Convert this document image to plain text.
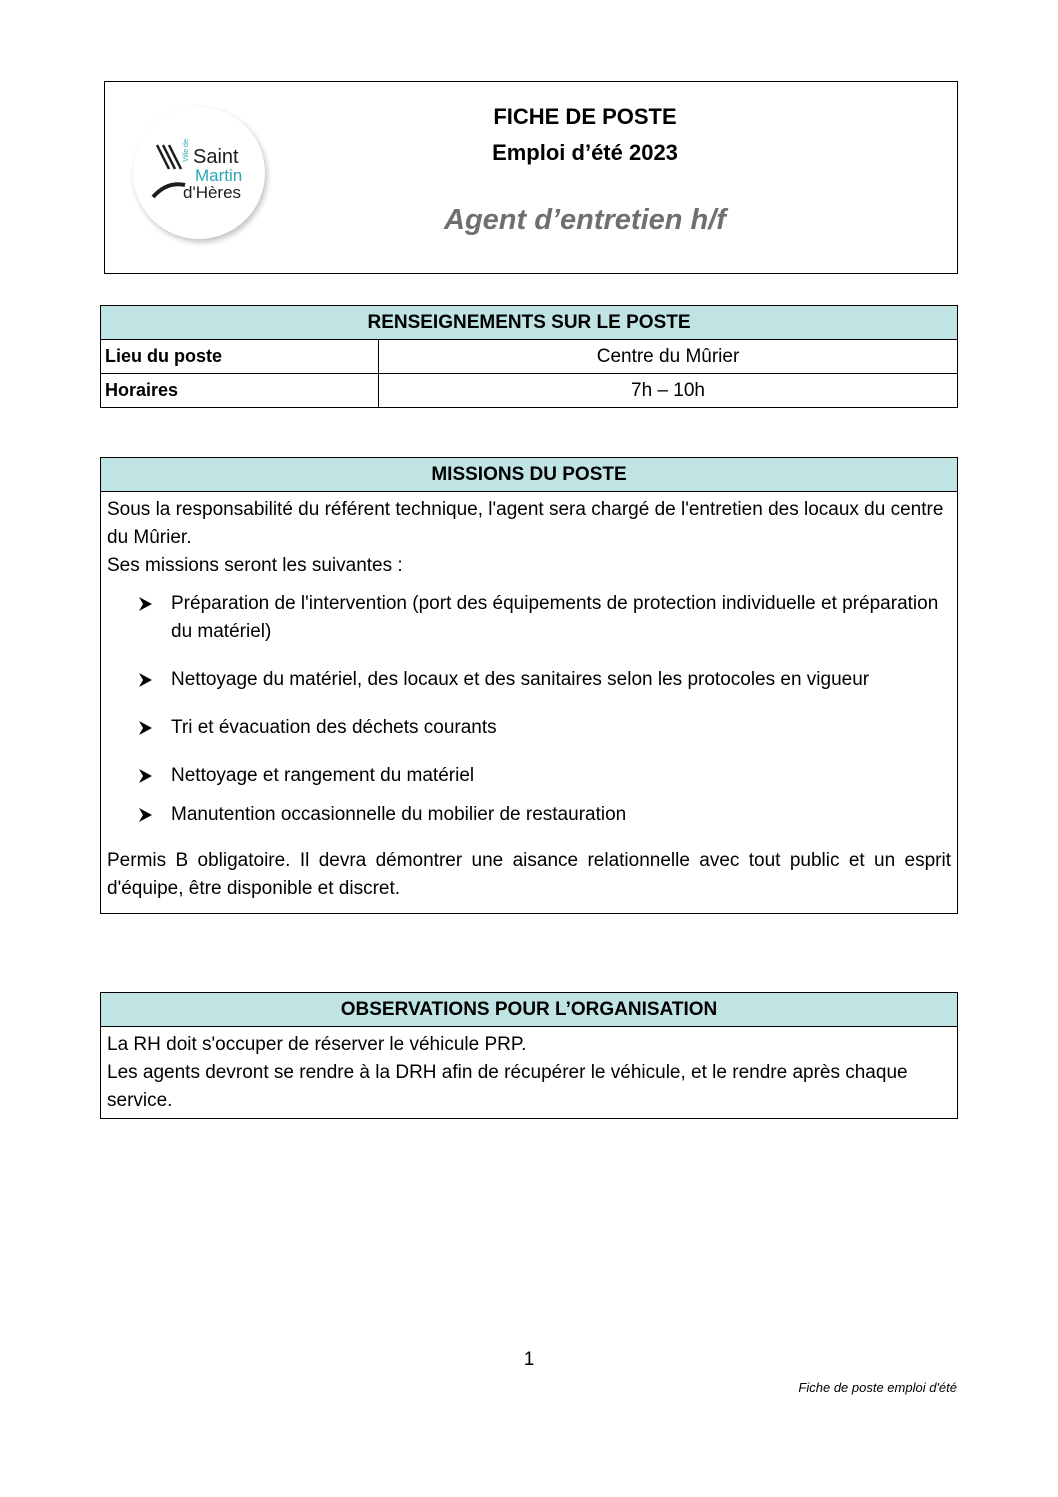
Ville de Saint
Martin
d'Hères
FICHE DE POSTE
Emploi d’été 2023
Agent d’entretien h/f
RENSEIGNEMENTS SUR LE POSTE	
Lieu du poste	Centre du Mûrier
Horaires	7h – 10h
MISSIONS DU POSTE

Sous la responsabilité du référent technique, l'agent sera chargé de l'entretien des locaux du centre du Mûrier.

Ses missions seront les suivantes :

Préparation de l'intervention (port des équipements de protection individuelle et préparation du matériel)
Nettoyage du matériel, des locaux et des sanitaires selon les protocoles en vigueur
Tri et évacuation des déchets courants
Nettoyage et rangement du matériel
Manutention occasionnelle du mobilier de restauration

Permis B obligatoire. Il devra démontrer une aisance relationnelle avec tout public et un esprit d'équipe, être disponible et discret.

OBSERVATIONS POUR L’ORGANISATION

La RH doit s'occuper de réserver le véhicule PRP.

Les agents devront se rendre à la DRH afin de récupérer le véhicule, et le rendre après chaque service.

1
Fiche de poste emploi d'été
